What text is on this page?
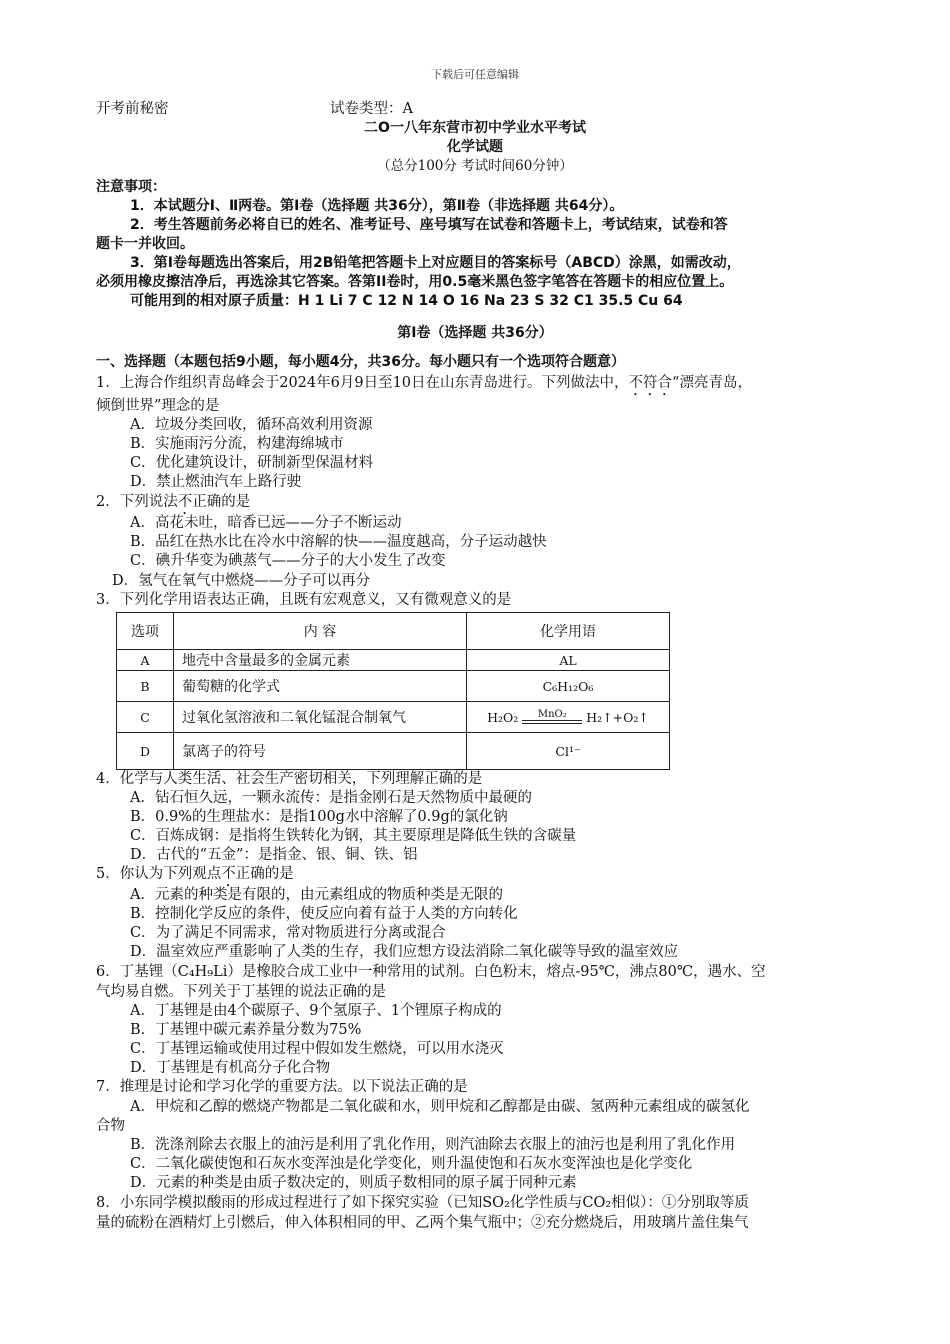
下载后可任意编辑
开考前秘密	试卷类型：A
二O一八年东营市初中学业水平考试
化学试题
（总分100分 考试时间60分钟）
注意事项：
1．本试题分Ⅰ、Ⅱ两卷。第Ⅰ卷（选择题 共36分），第Ⅱ卷（非选择题 共64分）。
2．考生答题前务必将自已的姓名、准考证号、座号填写在试卷和答题卡上，考试结束，试卷和答
题卡一并收回。
3．第Ⅰ卷每题选出答案后，用2B铅笔把答题卡上对应题目的答案标号（ABCD）涂黑，如需改动，
必须用橡皮擦洁净后，再选涂其它答案。答第II卷时，用0.5毫米黑色签字笔答在答题卡的相应位置上。
可能用到的相对原子质量：H 1 Li 7 C 12 N 14 O 16 Na 23 S 32 C1 35.5 Cu 64
第Ⅰ卷（选择题 共36分）
一、选择题（本题包括9小题，每小题4分，共36分。每小题只有一个选项符合题意）
1．上海合作组织青岛峰会于2024年6月9日至10日在山东青岛进行。下列做法中，不符合“漂亮青岛，
倾倒世界”理念的是
A．垃圾分类回收，循环高效利用资源
B．实施雨污分流，构建海绵城市
C．优化建筑设计，研制新型保温材料
D．禁止燃油汽车上路行驶
2．下列说法不正确的是
A．高花未吐，暗香已远——分子不断运动
B．品红在热水比在冷水中溶解的快——温度越高，分子运动越快
C．碘升华变为碘蒸气——分子的大小发生了改变
D．氢气在氧气中燃烧——分子可以再分
3．下列化学用语表达正确，且既有宏观意义，又有微观意义的是
选项	内 容	化学用语
A	地壳中含量最多的金属元素	AL
B	葡萄糖的化学式	C₆H₁₂O₆
C	过氧化氢溶液和二氧化锰混合制氧气	H₂O₂ MnO₂ H₂↑+O₂↑

D	氯离子的符号	Cl¹⁻
4．化学与人类生活、社会生产密切相关，下列理解正确的是
A．钻石恒久远，一颗永流传：是指金刚石是天然物质中最硬的
B．0.9%的生理盐水：是指100g水中溶解了0.9g的氯化钠
C．百炼成钢：是指将生铁转化为钢，其主要原理是降低生铁的含碳量
D．古代的“五金”：是指金、银、铜、铁、铝
5．你认为下列观点不正确的是
A．元素的种类是有限的，由元素组成的物质种类是无限的
B．控制化学反应的条件，使反应向着有益于人类的方向转化
C．为了满足不同需求，常对物质进行分离或混合
D．温室效应严重影响了人类的生存，我们应想方设法消除二氧化碳等导致的温室效应
6．丁基锂（C₄H₉Li）是橡胶合成工业中一种常用的试剂。白色粉末，熔点-95℃，沸点80℃，遇水、空
气均易自燃。下列关于丁基锂的说法正确的是
A．丁基锂是由4个碳原子、9个氢原子、1个锂原子构成的
B．丁基锂中碳元素养量分数为75%
C．丁基锂运输或使用过程中假如发生燃烧，可以用水浇灭
D．丁基锂是有机高分子化合物
7．推理是讨论和学习化学的重要方法。以下说法正确的是
A．甲烷和乙醇的燃烧产物都是二氧化碳和水，则甲烷和乙醇都是由碳、氢两种元素组成的碳氢化
合物
B．洗涤剂除去衣服上的油污是利用了乳化作用，则汽油除去衣服上的油污也是利用了乳化作用
C．二氧化碳使饱和石灰水变浑浊是化学变化，则升温使饱和石灰水变浑浊也是化学变化
D．元素的种类是由质子数决定的，则质子数相同的原子属于同种元素
8．小东同学模拟酸雨的形成过程进行了如下探究实验（已知SO₂化学性质与CO₂相似）：①分别取等质
量的硫粉在酒精灯上引燃后，伸入体积相同的甲、乙两个集气瓶中；②充分燃烧后，用玻璃片盖住集气
